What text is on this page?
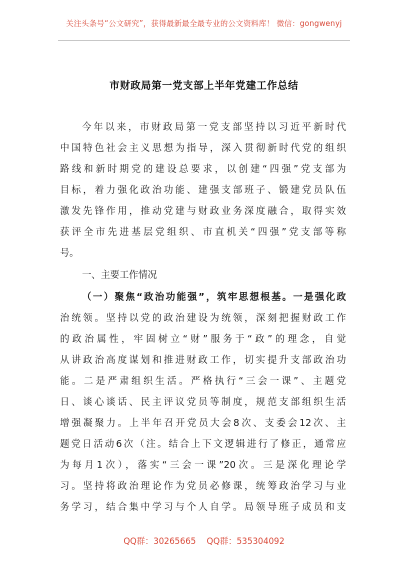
关注头条号“公文研究”，获得最新最全最专业的公文资料库！ 微信：gongwenyj
市财政局第一党支部上半年党建工作总结
今年以来，市财政局第一党支部坚持以习近平新时代
中国特色社会主义思想为指导，深入贯彻新时代党的组织
路线和新时期党的建设总要求，以创建“四强”党支部为
目标，着力强化政治功能、建强支部班子、锻建党员队伍
激发先锋作用，推动党建与财政业务深度融合，取得实效
获评全市先进基层党组织、市直机关“四强”党支部等称
号。
一、主要工作情况
（一）聚焦“政治功能强”，筑牢思想根基。一是强化政
治统领。坚持以党的政治建设为统领，深刻把握财政工作
的政治属性，牢固树立“财”服务于“政”的理念，自觉
从讲政治高度谋划和推进财政工作，切实提升支部政治功
能。二是严肃组织生活。严格执行“三会一课”、主题党
日、谈心谈话、民主评议党员等制度，规范支部组织生活
增强凝聚力。上半年召开党员大会8次、支委会12次、主
题党日活动6次（注。结合上下文逻辑进行了修正，通常应
为每月1次），落实“三会一课”20次。三是深化理论学
习。坚持将政治理论作为党员必修课，统筹政治学习与业
务学习，结合集中学习与个人自学。局领导班子成员和支
QQ群：30265665 QQ群：535304092
